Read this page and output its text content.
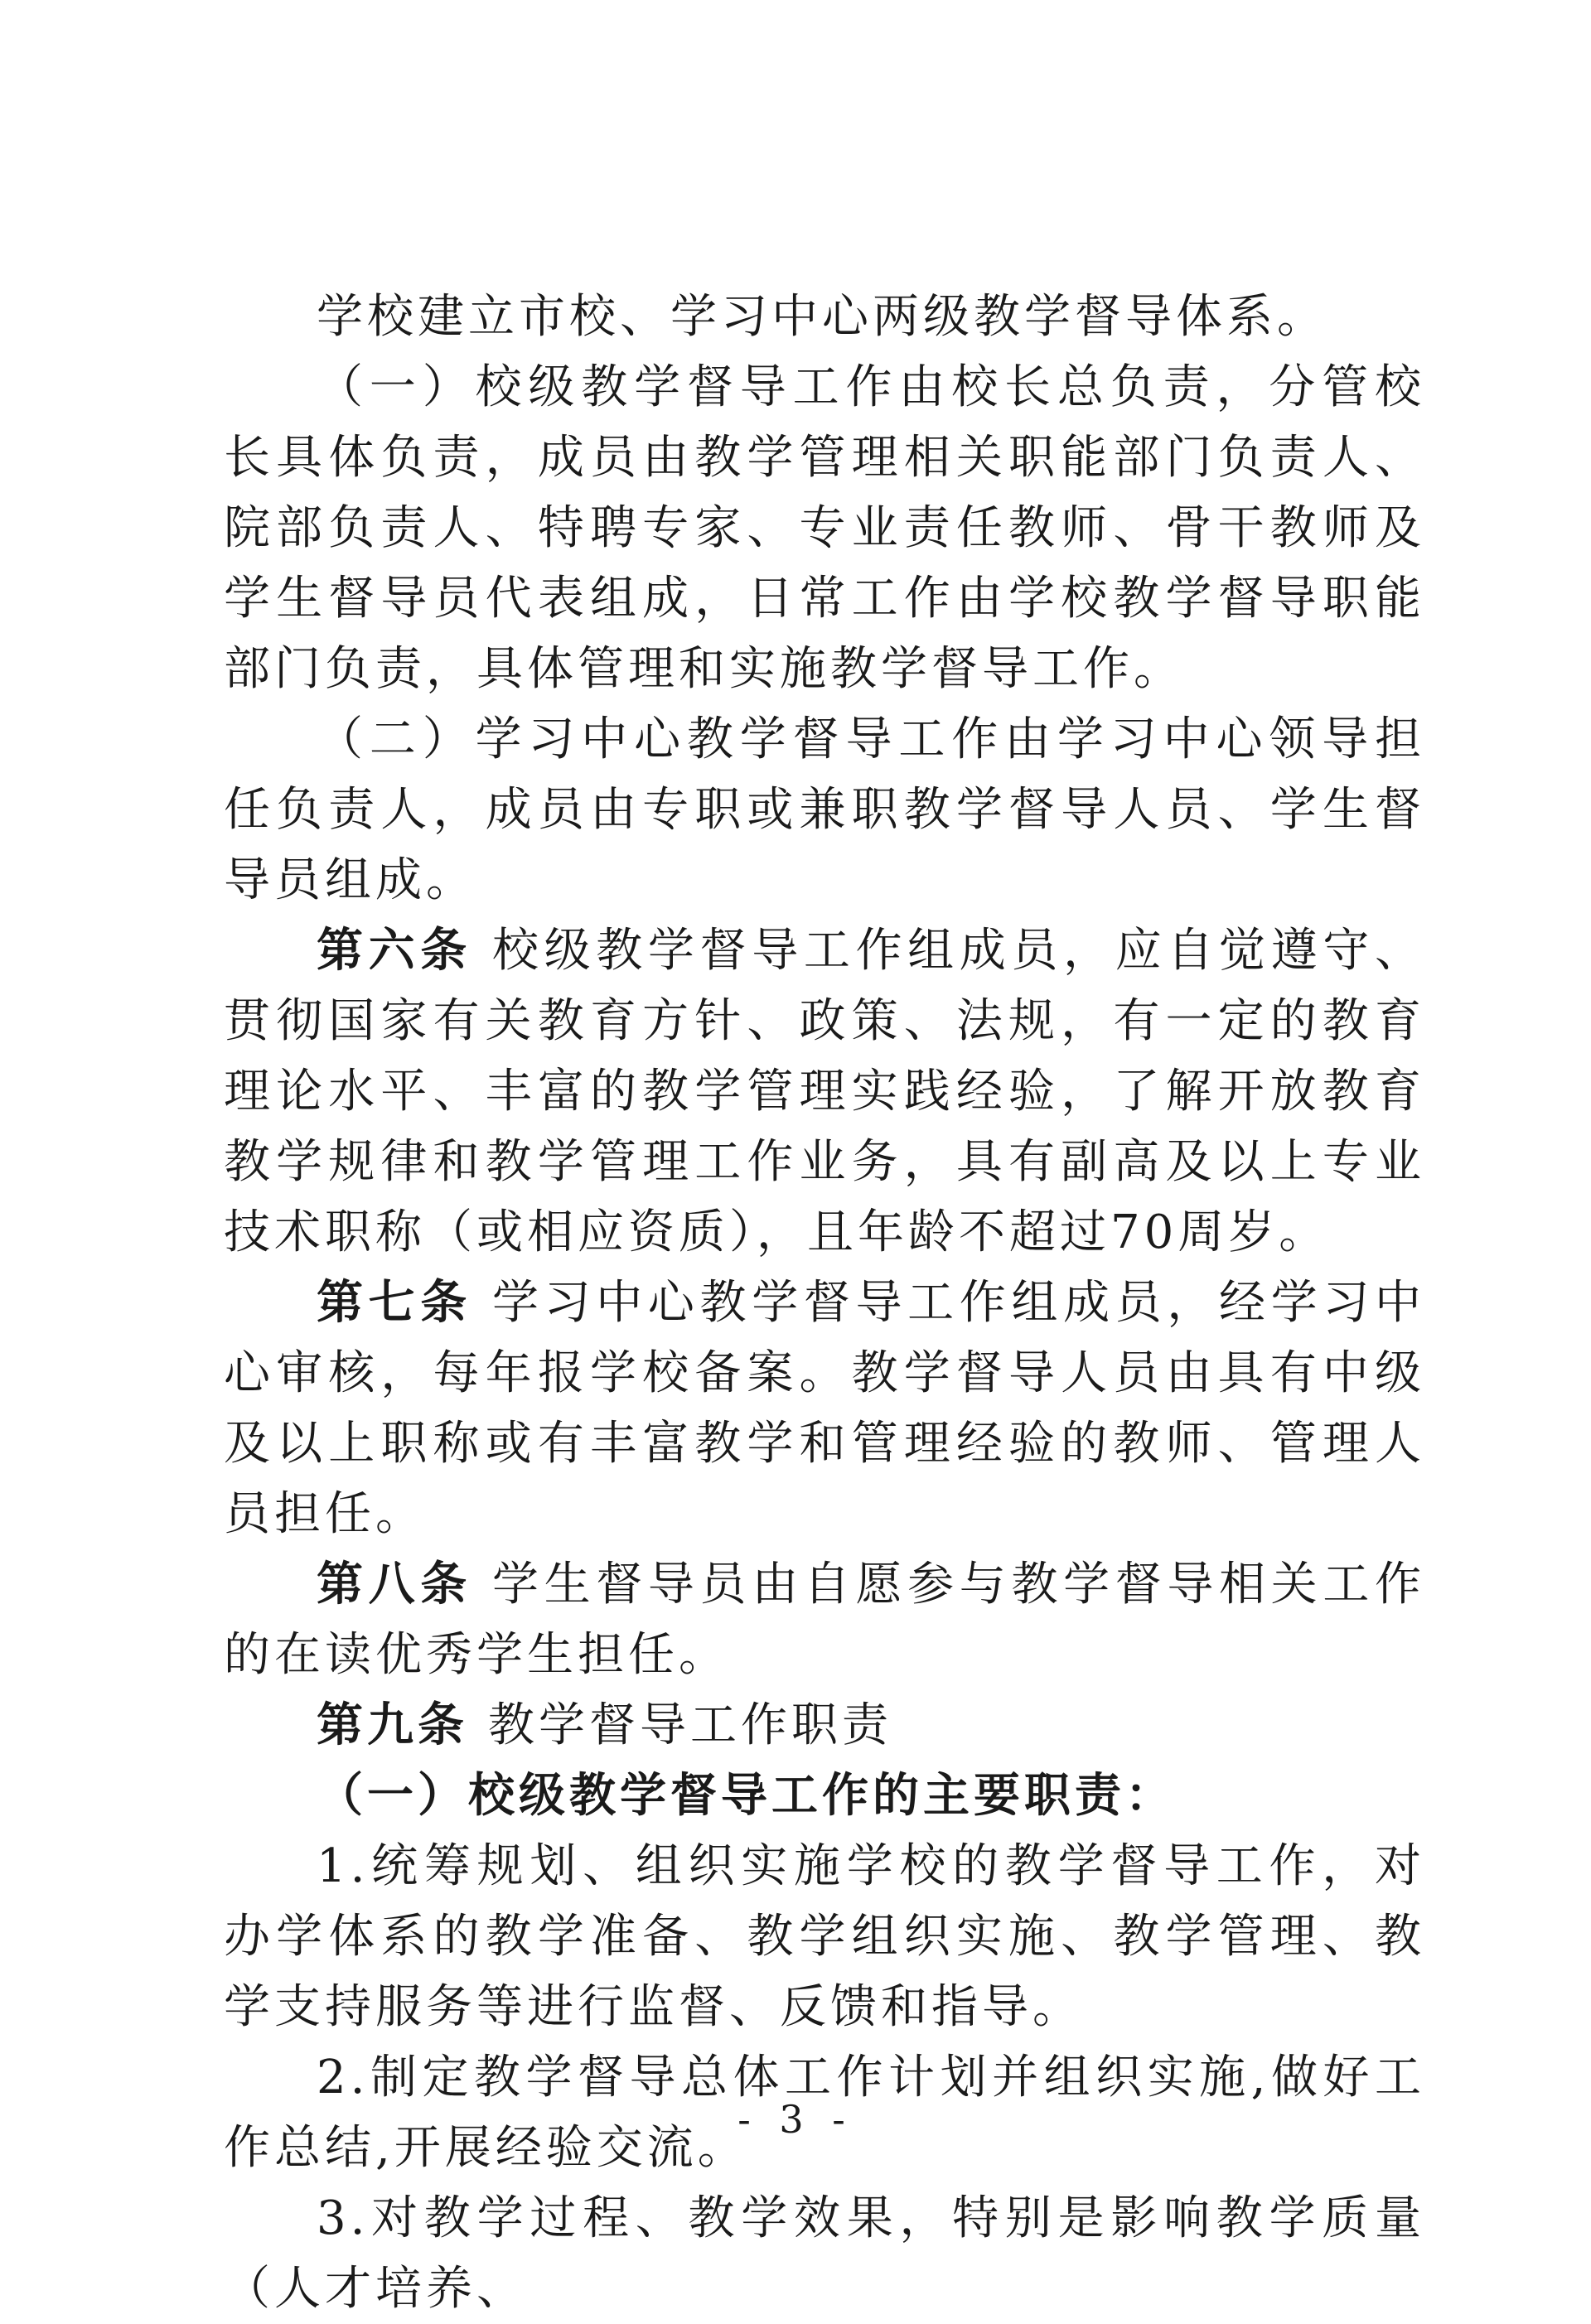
学校建立市校、学习中心两级教学督导体系。

（一）校级教学督导工作由校长总负责，分管校长具体负责，成员由教学管理相关职能部门负责人、院部负责人、特聘专家、专业责任教师、骨干教师及学生督导员代表组成，日常工作由学校教学督导职能部门负责，具体管理和实施教学督导工作。

（二）学习中心教学督导工作由学习中心领导担任负责人，成员由专职或兼职教学督导人员、学生督导员组成。

第六条 校级教学督导工作组成员，应自觉遵守、贯彻国家有关教育方针、政策、法规，有一定的教育理论水平、丰富的教学管理实践经验，了解开放教育教学规律和教学管理工作业务，具有副高及以上专业技术职称（或相应资质），且年龄不超过70周岁。

第七条 学习中心教学督导工作组成员，经学习中心审核，每年报学校备案。教学督导人员由具有中级及以上职称或有丰富教学和管理经验的教师、管理人员担任。

第八条 学生督导员由自愿参与教学督导相关工作的在读优秀学生担任。

第九条 教学督导工作职责

（一）校级教学督导工作的主要职责：

1.统筹规划、组织实施学校的教学督导工作，对办学体系的教学准备、教学组织实施、教学管理、教学支持服务等进行监督、反馈和指导。

2.制定教学督导总体工作计划并组织实施,做好工作总结,开展经验交流。

3.对教学过程、教学效果，特别是影响教学质量（人才培养、

- 3 -
